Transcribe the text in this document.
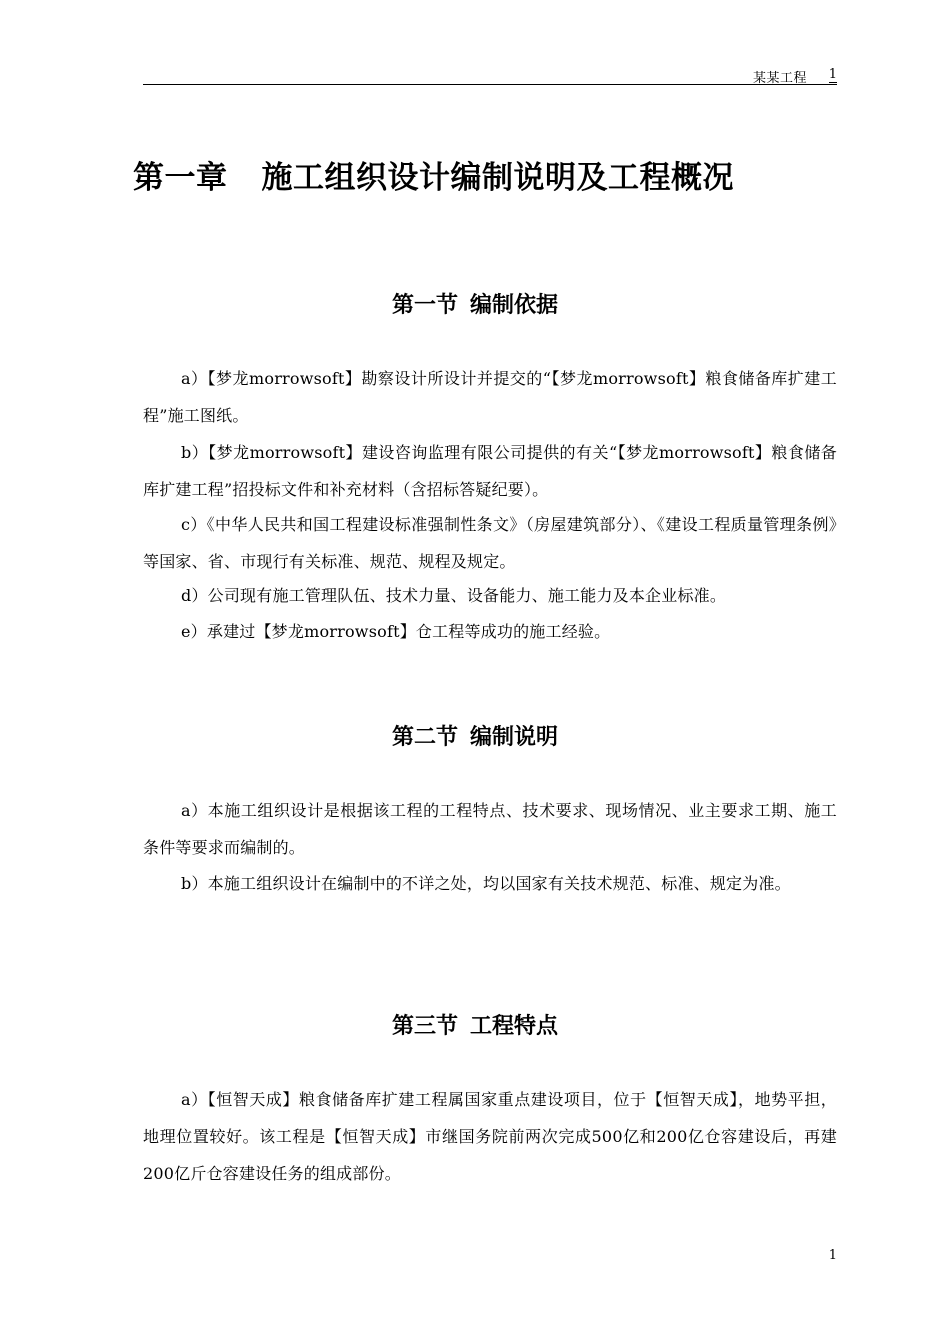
某某工程 1
第一章 施工组织设计编制说明及工程概况
第一节 编制依据
a）【梦龙morrowsoft】勘察设计所设计并提交的“【梦龙morrowsoft】粮食储备库扩建工程”施工图纸。
b）【梦龙morrowsoft】建设咨询监理有限公司提供的有关“【梦龙morrowsoft】粮食储备库扩建工程”招投标文件和补充材料（含招标答疑纪要）。
c）《中华人民共和国工程建设标准强制性条文》（房屋建筑部分）、《建设工程质量管理条例》等国家、省、市现行有关标准、规范、规程及规定。
d）公司现有施工管理队伍、技术力量、设备能力、施工能力及本企业标准。
e）承建过【梦龙morrowsoft】仓工程等成功的施工经验。
第二节 编制说明
a）本施工组织设计是根据该工程的工程特点、技术要求、现场情况、业主要求工期、施工条件等要求而编制的。
b）本施工组织设计在编制中的不详之处，均以国家有关技术规范、标准、规定为准。
第三节 工程特点
a）【恒智天成】粮食储备库扩建工程属国家重点建设项目，位于【恒智天成】，地势平担，地理位置较好。该工程是【恒智天成】市继国务院前两次完成500亿和200亿仓容建设后，再建200亿斤仓容建设任务的组成部份。
1
